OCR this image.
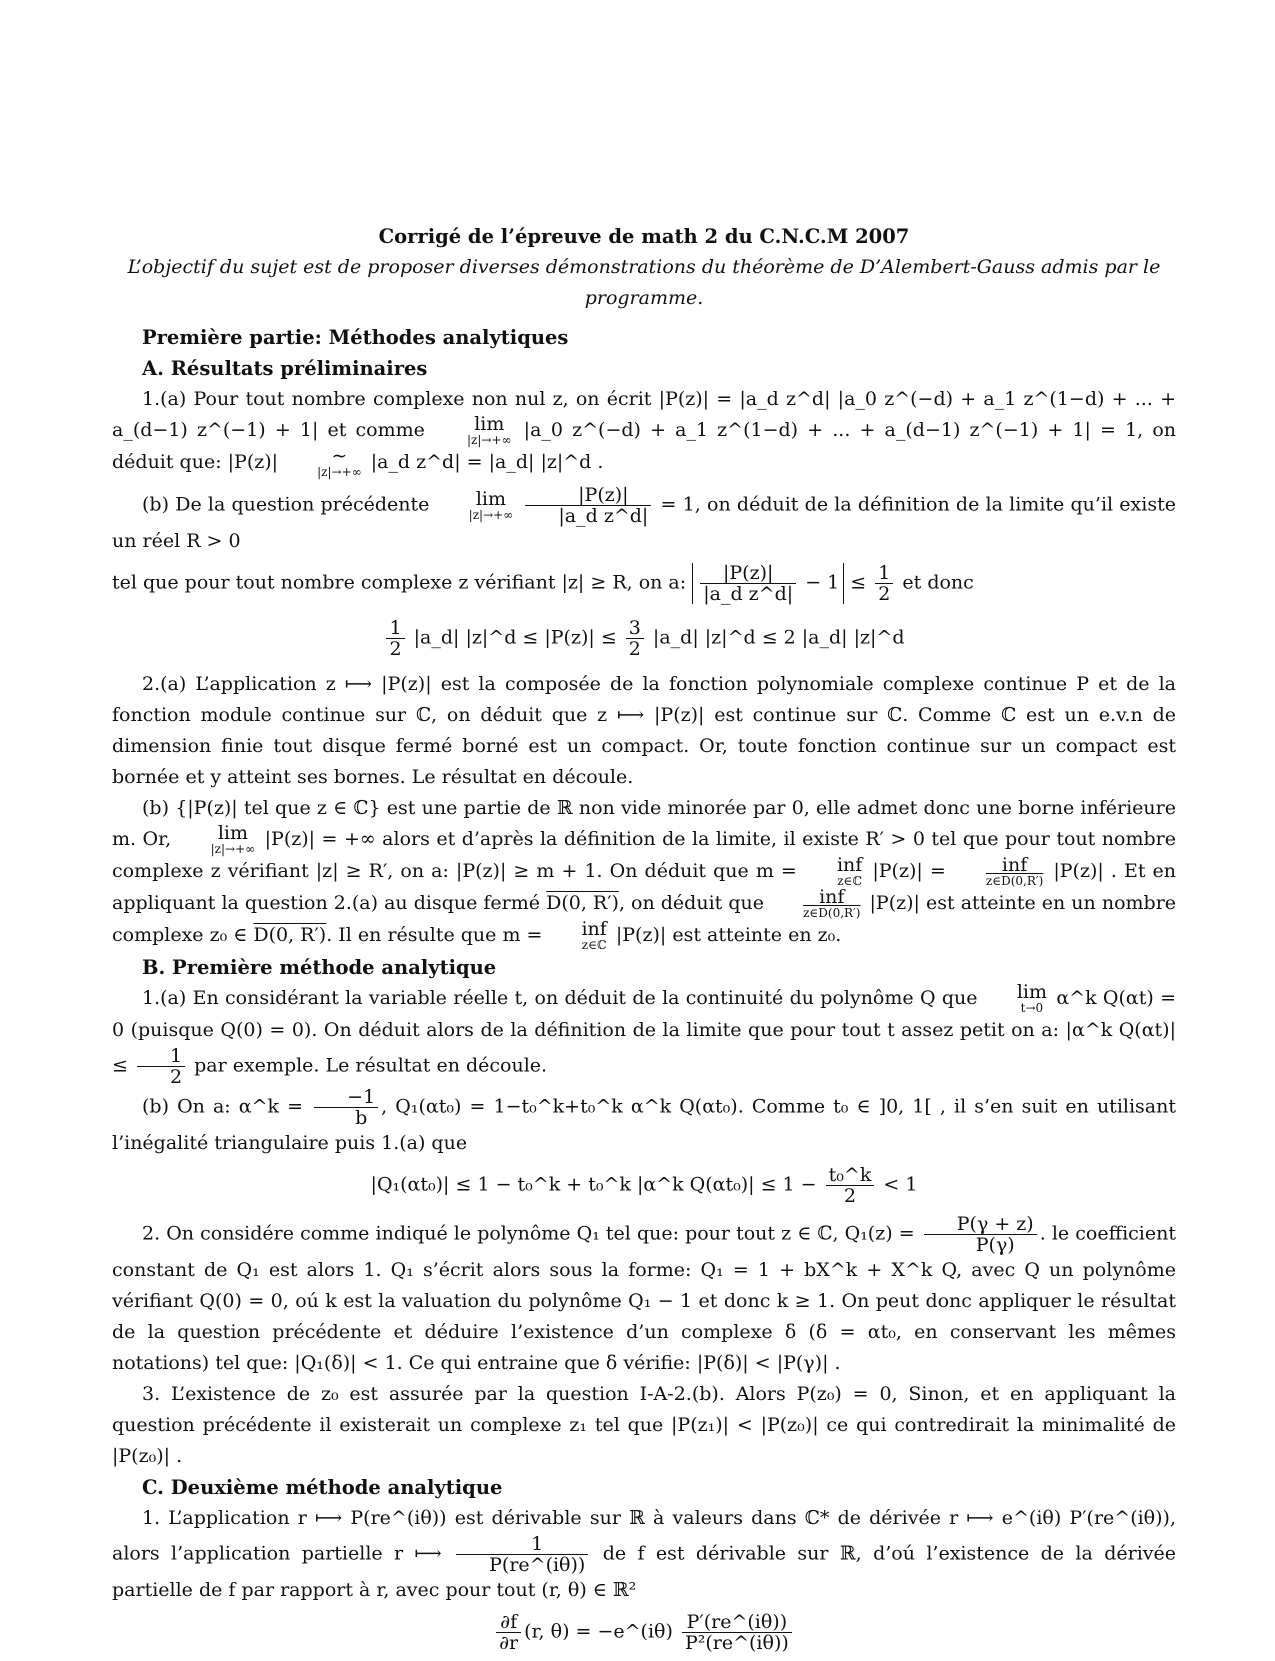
Corrigé de l’épreuve de math 2 du C.N.C.M 2007

L’objectif du sujet est de proposer diverses démonstrations du théorème de D’Alembert-Gauss admis par le programme.

Première partie: Méthodes analytiques

A. Résultats préliminaires

1.(a) Pour tout nombre complexe non nul z, on écrit |P(z)| = |a_d z^d| |a_0 z^(−d) + a_1 z^(1−d) + ... + a_(d−1) z^(−1) + 1| et comme	lim
|z|→+∞ |a_0 z^(−d) + a_1 z^(1−d) + ... + a_(d−1) z^(−1) + 1| = 1, on déduit que: |P(z)|	∼
|z|→+∞ |a_d z^d| = |a_d| |z|^d .

(b) De la question précédente	lim
|z|→+∞
$\frac{|P(z)|}{\text{|a\_d z\textasciicircum{}d|}} = 1$, on déduit de la définition de la limite qu’il existe un réel R > 0

tel que pour tout nombre complexe z vérifiant |z| ≥ R, on a: $\frac{|P(z)|}{\text{|a\_d z\textasciicircum{}d|}} - 1 \le \frac{1}{2}$ et donc

$\frac{1}{2}$ |a_d| |z|^d ≤ $|P(z)| \le \frac{3}{2}$ |a_d| |z|^d ≤ 2 |a_d| |z|^d

2.(a) L’application z ⟼ |P(z)| est la composée de la fonction polynomiale complexe continue P et de la fonction module continue sur ℂ, on déduit que z ⟼ |P(z)| est continue sur ℂ. Comme ℂ est un e.v.n de dimension finie tout disque fermé borné est un compact. Or, toute fonction continue sur un compact est bornée et y atteint ses bornes. Le résultat en découle.

(b) {|P(z)| tel que z ∈ ℂ} est une partie de ℝ non vide minorée par 0, elle admet donc une borne inférieure m. Or,	lim
|z|→+∞ |P(z)| = +∞ alors et d’après la définition de la limite, il existe R′ > 0 tel que pour tout nombre complexe z vérifiant |z| ≥ R′, on a: |P(z)| ≥ m + 1. On déduit que m =	inf
z∈ℂ |P(z)| =	inf
z∈D(0,R′) |P(z)| . Et en appliquant la question 2.(a) au disque fermé D(0, R′), on déduit que	inf
z∈D(0,R′) |P(z)| est atteinte en un nombre complexe z₀ ∈ D(0, R′). Il en résulte que m =	inf
z∈ℂ |P(z)| est atteinte en z₀.

B. Première méthode analytique

1.(a) En considérant la variable réelle t, on déduit de la continuité du polynôme Q que	lim
t→0 α^k Q(αt) = 0 (puisque Q(0) = 0). On déduit alors de la définition de la limite que pour tout t assez petit on a: |α^k $Q(\alpha t)| \le \frac{1}{2}$ par exemple. Le résultat en découle.

(b) On a: α^k = $\frac{-1}{b}$ , Q₁(αt₀) = 1−t₀^k+t₀^k α^k Q(αt₀). Comme t₀ ∈ ]0, 1[ , il s’en suit en utilisant l’inégalité triangulaire puis 1.(a) que

|Q₁(αt₀)| ≤ 1 − t₀^k + t₀^k |α^k $Q(\alpha t_0)| \le 1 - \frac{\text{t₀\textasciicircum{}k}}{2} < 1$

2. On considére comme indiqué le polynôme Q₁ tel que: pour tout z ∈ ℂ, $Q_1(z) = \frac{P(\gamma + z)}{P(\gamma)}$ . le coefficient constant de Q₁ est alors 1. Q₁ s’écrit alors sous la forme: Q₁ = 1 + bX^k + X^k Q, avec Q un polynôme vérifiant Q(0) = 0, oú k est la valuation du polynôme Q₁ − 1 et donc k ≥ 1. On peut donc appliquer le résultat de la question précédente et déduire l’existence d’un complexe δ (δ = αt₀, en conservant les mêmes notations) tel que: |Q₁(δ)| < 1. Ce qui entraine que δ vérifie: |P(δ)| < |P(γ)| .

3. L’existence de z₀ est assurée par la question I-A-2.(b). Alors P(z₀) = 0, Sinon, et en appliquant la question précédente il existerait un complexe z₁ tel que |P(z₁)| < |P(z₀)| ce qui contredirait la minimalité de |P(z₀)| .

C. Deuxième méthode analytique

1. L’application r ⟼ P(re^(iθ)) est dérivable sur ℝ à valeurs dans ℂ* de dérivée r ⟼ e^(iθ) P′(re^(iθ)), alors l’application partielle r ⟼ $\frac{1}{P(re\^{}(i\theta))}$ de f est dérivable sur ℝ, d’oú l’existence de la dérivée partielle de f par rapport à r, avec pour tout (r, θ) ∈ ℝ²

$\frac{\partial f}{\partial r} (r$, θ) = −e^(iθ) $\frac{P'(re\^{}(i\theta))}{\text{P²(re\textasciicircum{}(iθ))}}$
